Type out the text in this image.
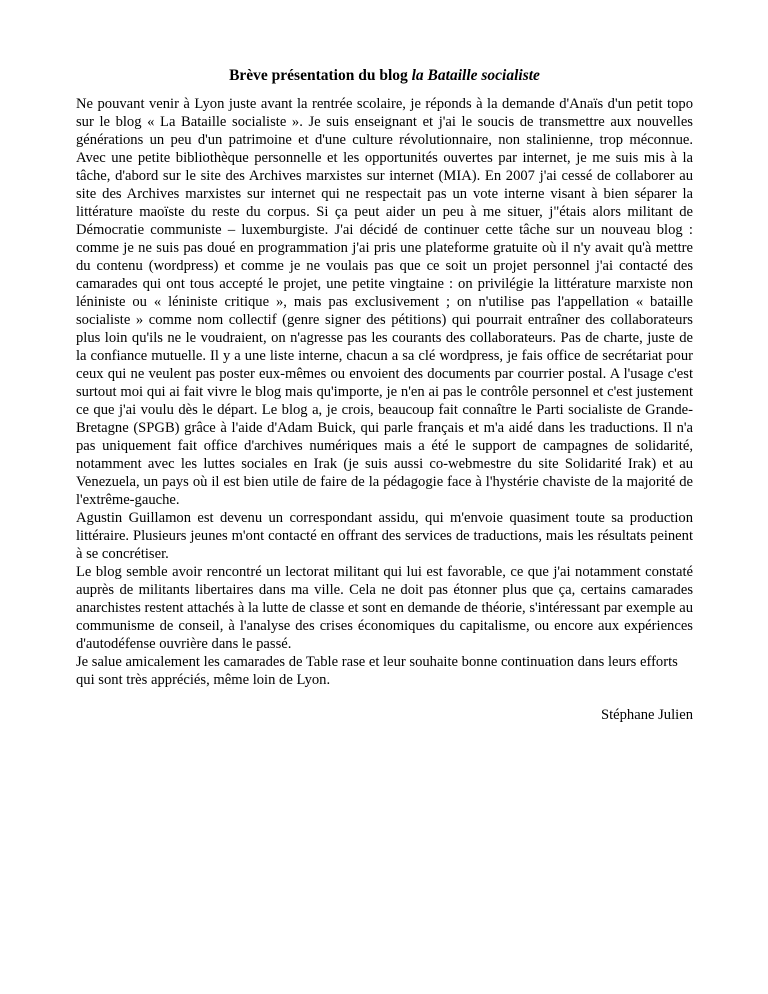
Brève présentation du blog la Bataille socialiste

Ne pouvant venir à Lyon juste avant la rentrée scolaire, je réponds à la demande d'Anaïs d'un petit topo sur le blog « La Bataille socialiste ». Je suis enseignant et j'ai le soucis de transmettre aux nouvelles générations un peu d'un patrimoine et d'une culture révolutionnaire, non stalinienne, trop méconnue. Avec une petite bibliothèque personnelle et les opportunités ouvertes par internet, je me suis mis à la tâche, d'abord sur le site des Archives marxistes sur internet (MIA). En 2007 j'ai cessé de collaborer au site des Archives marxistes sur internet qui ne respectait pas un vote interne visant à bien séparer la littérature maoïste du reste du corpus. Si ça peut aider un peu à me situer, j"étais alors militant de Démocratie communiste – luxemburgiste. J'ai décidé de continuer cette tâche sur un nouveau blog : comme je ne suis pas doué en programmation j'ai pris une plateforme gratuite où il n'y avait qu'à mettre du contenu (wordpress) et comme je ne voulais pas que ce soit un projet personnel j'ai contacté des camarades qui ont tous accepté le projet, une petite vingtaine : on privilégie la littérature marxiste non léniniste ou « léniniste critique », mais pas exclusivement ; on n'utilise pas l'appellation « bataille socialiste » comme nom collectif (genre signer des pétitions) qui pourrait entraîner des collaborateurs plus loin qu'ils ne le voudraient, on n'agresse pas les courants des collaborateurs. Pas de charte, juste de la confiance mutuelle. Il y a une liste interne, chacun a sa clé wordpress, je fais office de secrétariat pour ceux qui ne veulent pas poster eux-mêmes ou envoient des documents par courrier postal. A l'usage c'est surtout moi qui ai fait vivre le blog mais qu'importe, je n'en ai pas le contrôle personnel et c'est justement ce que j'ai voulu dès le départ. Le blog a, je crois, beaucoup fait connaître le Parti socialiste de Grande-Bretagne (SPGB) grâce à l'aide d'Adam Buick, qui parle français et m'a aidé dans les traductions. Il n'a pas uniquement fait office d'archives numériques mais a été le support de campagnes de solidarité, notamment avec les luttes sociales en Irak (je suis aussi co-webmestre du site Solidarité Irak) et au Venezuela, un pays où il est bien utile de faire de la pédagogie face à l'hystérie chaviste de la majorité de l'extrême-gauche.

Agustin Guillamon est devenu un correspondant assidu, qui m'envoie quasiment toute sa production littéraire. Plusieurs jeunes m'ont contacté en offrant des services de traductions, mais les résultats peinent à se concrétiser.

Le blog semble avoir rencontré un lectorat militant qui lui est favorable, ce que j'ai notamment constaté auprès de militants libertaires dans ma ville. Cela ne doit pas étonner plus que ça, certains camarades anarchistes restent attachés à la lutte de classe et sont en demande de théorie, s'intéressant par exemple au communisme de conseil, à l'analyse des crises économiques du capitalisme, ou encore aux expériences d'autodéfense ouvrière dans le passé.

Je salue amicalement les camarades de Table rase et leur souhaite bonne continuation dans leurs efforts qui sont très appréciés, même loin de Lyon.

Stéphane Julien
